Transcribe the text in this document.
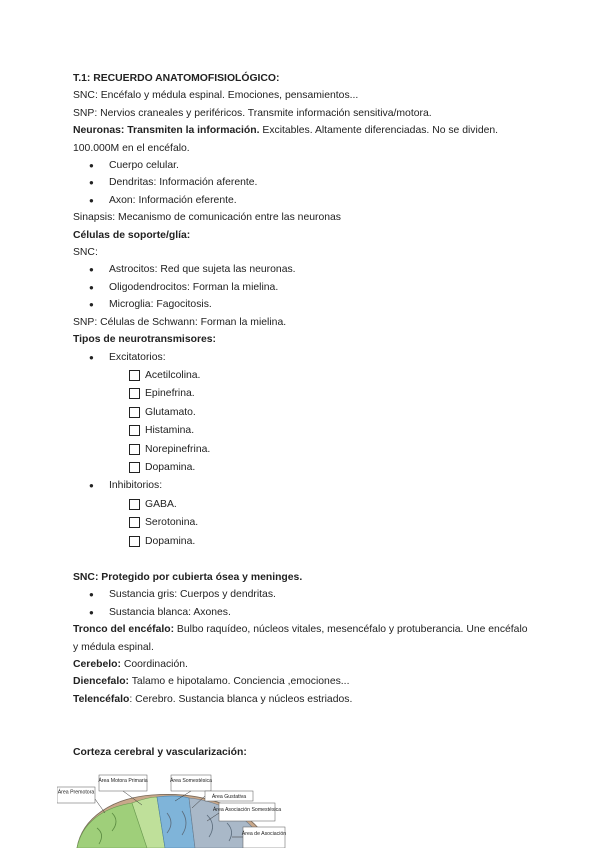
T.1: RECUERDO ANATOMOFISIOLÓGICO:
SNC: Encéfalo y médula espinal. Emociones, pensamientos...
SNP: Nervios craneales y periféricos. Transmite información sensitiva/motora.
Neuronas: Transmiten la información. Excitables. Altamente diferenciadas. No se dividen.
100.000M en el encéfalo.
● Cuerpo celular.
● Dendritas: Información aferente.
● Axon: Información eferente.
Sinapsis: Mecanismo de comunicación entre las neuronas
Células de soporte/glía:
SNC:
● Astrocitos: Red que sujeta las neuronas.
● Oligodendrocitos: Forman la mielina.
● Microglia: Fagocitosis.
SNP: Células de Schwann: Forman la mielina.
Tipos de neurotransmisores:
● Excitatorios:
Acetilcolina.
Epinefrina.
Glutamato.
Histamina.
Norepinefrina.
Dopamina.
● Inhibitorios:
GABA.
Serotonina.
Dopamina.
SNC: Protegido por cubierta ósea y meninges.
● Sustancia gris: Cuerpos y dendritas.
● Sustancia blanca: Axones.
Tronco del encéfalo: Bulbo raquídeo, núcleos vitales, mesencéfalo y protuberancia. Une encéfalo y médula espinal.
Cerebelo: Coordinación.
Diencefalo: Talamo e hipotalamo. Conciencia ,emociones...
Telencéfalo: Cerebro. Sustancia blanca y núcleos estriados.
Corteza cerebral y vascularización:
Área Premotora
Área Motora Primaria	Área Somestésica
Área Gustativa
Área Asociación Somestésica
Área de Asociación
